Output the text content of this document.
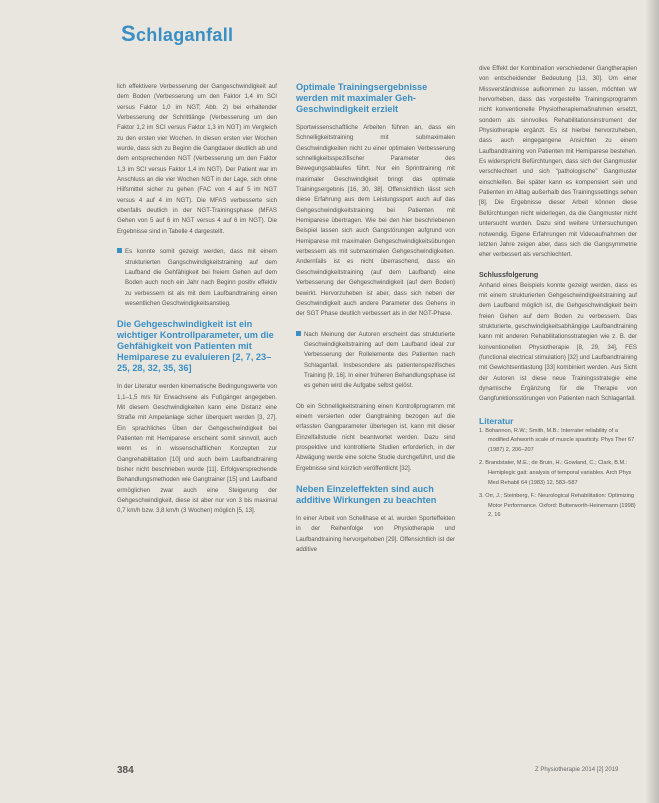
Schlaganfall

lich effektivere Verbesserung der Gangeschwindigkeit auf dem Boden (Verbesserung um den Faktor 1,4 im SCI versus Faktor 1,0 im NGT; Abb. 2) bei erhaltender Verbesserung der Schrittlänge (Verbesserung um den Faktor 1,2 im SCI versus Faktor 1,3 im NGT) im Vergleich zu den ersten vier Wochen. In diesen ersten vier Wochen wurde, dass sich zu Beginn die Gangdauer deutlich ab und dem entsprechenden NGT (Verbesserung um den Faktor 1,3 im SCI versus Faktor 1,4 im NGT). Der Patient war im Anschluss an die vier Wochen NGT in der Lage, sich ohne Hilfsmittel sicher zu gehen (FAC von 4 auf 5 im NGT versus 4 auf 4 im NGT). Die MFAS verbesserte sich ebenfalls deutlich in der NGT-Trainingsphase (MFAS Gehen von 5 auf 6 im NGT versus 4 auf 6 im NGT). Die Ergebnisse sind in Tabelle 4 dargestellt.

Es konnte somit gezeigt werden, dass mit einem strukturierten Gangschwindigkeitstraining auf dem Laufband die Gehfähigkeit bei freiem Gehen auf dem Boden auch noch ein Jahr nach Beginn positiv effektiv zu verbessern ist als mit dem Laufbandtraining einen wesentlichen Geschwindigkeitsanstieg.

Die Gehgeschwindigkeit ist ein wichtiger Kontrollparameter, um die Gehfähigkeit von Patienten mit Hemiparese zu evaluieren [2, 7, 23–25, 28, 32, 35, 36]

In der Literatur werden kinematische Bedingungswerte von 1,1–1,5 m/s für Erwachsene als Fußgänger angegeben. Mit diesem Geschwindigkeiten kann eine Distanz eine Straße mit Ampelanlage sicher überquert werden [3, 27]. Ein sprachliches Üben der Gehgeschwindigkeit bei Patienten mit Hemiparese erscheint somit sinnvoll, auch wenn es in wissenschaftlichen Konzepten zur Gangrehabilitation [10] und auch beim Laufbandtraining bisher nicht beschrieben wurde [11]. Erfolgversprechende Behandlungsmethoden wie Gangtrainer [15] und Laufband ermöglichen zwar auch eine Steigerung der Gehgeschwindigkeit, diese ist aber nur von 3 bis maximal 0,7 km/h bzw. 3,8 km/h (3 Wochen) möglich [5, 13].

Optimale Trainingsergebnisse werden mit maximaler Geh-Geschwindigkeit erzielt

Sportwissenschaftliche Arbeiten führen an, dass ein Schnelligkeitstraining mit submaximalen Geschwindigkeiten nicht zu einer optimalen Verbesserung schnelligkeitsspezifischer Parameter des Bewegungsablaufes führt. Nur ein Sprinttraining mit maximaler Geschwindigkeit bringt das optimale Trainingsergebnis [16, 30, 38]. Offensichtlich lässt sich diese Erfahrung aus dem Leistungssport auch auf das Gehgeschwindigkeitstraining bei Patienten mit Hemiparese übertragen. Wie bei den hier beschriebenen Beispiel lassen sich auch Gangstörungen aufgrund von Hemiparese mit maximalen Gehgeschwindigkeitsübungen verbessern als mit submaximalen Gehgeschwindigkeiten. Andernfalls ist es nicht überraschend, dass ein Geschwindigkeitstraining (auf dem Laufband) eine Verbesserung der Gehgeschwindigkeit (auf dem Boden) bewirkt. Hervorzuheben ist aber, dass sich neben der Geschwindigkeit auch andere Parameter des Gehens in der SGT Phase deutlich verbessert als in der NGT-Phase.

Nach Meinung der Autoren erscheint das strukturierte Geschwindigkeitstraining auf dem Laufband ideal zur Verbesserung der Rollelemente des Patienten nach Schlaganfall. Insbesondere als patientenspezifisches Training [9, 16]. In einer früheren Behandlungsphase ist es gehen wird die Aufgabe selbst gelöst.

Ob ein Schnelligkeitstraining einen Kontrollprogramm mit einem versierten oder Gangtraining bezogen auf die erfassten Gangparameter überlegen ist, kann mit dieser Einzelfallstudie nicht beantwortet werden. Dazu sind prospektive und kontrollierte Studien erforderlich, in der Abwägung werde eine solche Studie durchgeführt, und die Ergebnisse sind kürzlich veröffentlicht [32].

Neben Einzeleffekten sind auch additive Wirkungen zu beachten

In einer Arbeit von Schellhase et al. wurden Sporteffekten in der Reihenfolge von Physiotherapie und Laufbandtraining hervorgehoben [29]. Offensichtlich ist der additive

dive Effekt der Kombination verschiedener Gangtherapien von entscheidender Bedeutung [13, 30]. Um einer Missverständnisse aufkommen zu lassen, möchten wir hervorheben, dass das vorgestellte Trainingsprogramm nicht konventionelle Physiotherapiemaßnahmen ersetzt, sondern als sinnvolles Rehabilitationsinstrument der Physiotherapie ergänzt. Es ist hierbei hervorzuheben, dass auch eingegangene Ansichten zu einem Laufbandtraining von Patienten mit Hemiparese bestehen. Es widerspricht Befürchtungen, dass sich der Gangmuster verschlechtert und sich "pathologische" Gangmuster einschleifen. Bei später kann es kompensiert sein und Patienten im Alltag außerhalb des Trainingssettings sehen [8]. Die Ergebnisse dieser Arbeit können diese Befürchtungen nicht widerlegen, da die Gangmuster nicht untersucht wurden. Dazu sind weitere Untersuchungen notwendig. Eigene Erfahrungen mit Videoaufnahmen der letzten Jahre zeigen aber, dass sich die Gangsymmetrie eher verbessert als verschlechtert.

Schlussfolgerung

Anhand eines Beispiels konnte gezeigt werden, dass es mit einem strukturierten Gehgeschwindigkeitstraining auf dem Laufband möglich ist, die Gehgeschwindigkeit beim freien Gehen auf dem Boden zu verbessern. Das strukturierte, geschwindigkeitsabhängige Laufbandtraining kann mit anderen Rehabilitationsstrategien wie z. B. der konventionellen Physiotherapie [8, 29, 34], FES (functional electrical stimulation) [32] und Laufbandtraining mit Gewichtsentlastung [33] kombiniert werden. Aus Sicht der Autoren ist diese neue Trainingsstrategie eine dynamische Ergänzung für die Therapie von Gangfunktionsstörungen von Patienten nach Schlaganfall.

Literatur

1. Bohannon, R.W.; Smith, M.B.: Interrater reliability of a modified Ashworth scale of muscle spasticity. Phys Ther 67 (1987) 2, 206–207

2. Brandstater, M.E.; de Bruin, H.; Gowland, C.; Clark, B.M.: Hemiplegic gait: analysis of temporal variables. Arch Phys Med Rehabil 64 (1983) 12, 583–587

3. Orr, J.; Steinberg, F.: Neurological Rehabilitation: Optimizing Motor Performance. Oxford: Butterworth-Heinemann (1998) 2, 16

384	Z Physiotherapie 2014 [2] 2019
